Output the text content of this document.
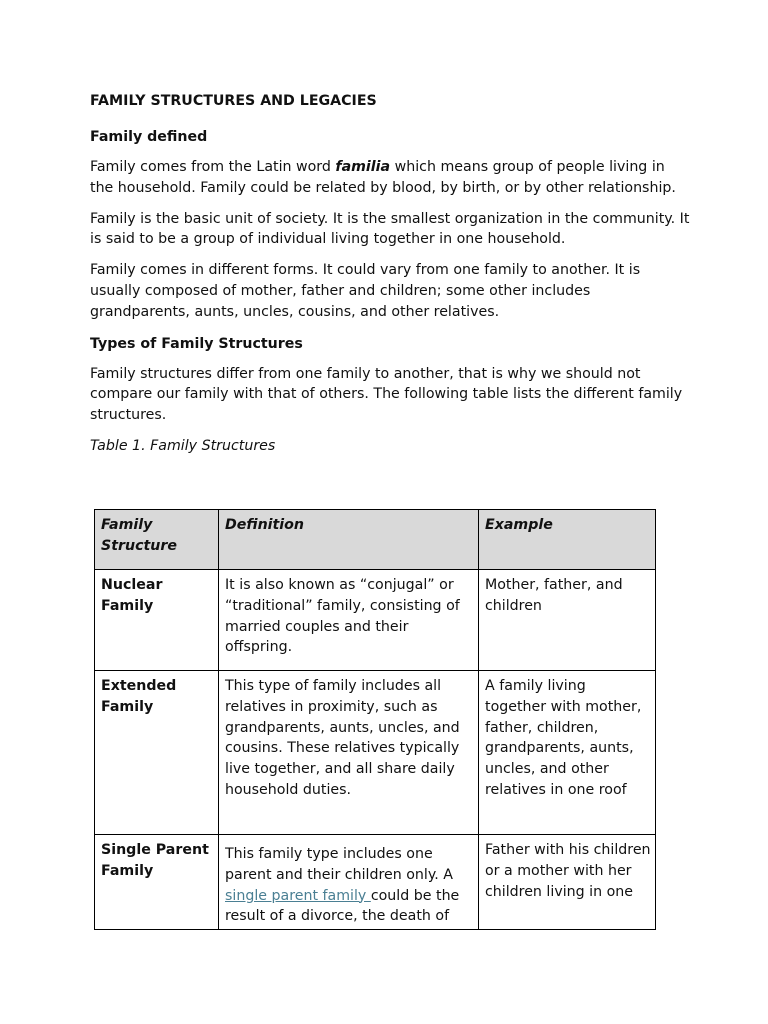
FAMILY STRUCTURES AND LEGACIES
Family defined

Family comes from the Latin word familia which means group of people living in the household. Family could be related by blood, by birth, or by other relationship.

Family is the basic unit of society. It is the smallest organization in the community. It is said to be a group of individual living together in one household.

Family comes in different forms. It could vary from one family to another. It is usually composed of mother, father and children; some other includes grandparents, aunts, uncles, cousins, and other relatives.

Types of Family Structures

Family structures differ from one family to another, that is why we should not compare our family with that of others. The following table lists the different family structures.

Table 1. Family Structures
Family Structure	Definition	Example
Nuclear Family	It is also known as “conjugal” or “traditional” family, consisting of married couples and their offspring.	Mother, father, and children
Extended Family	This type of family includes all relatives in proximity, such as grandparents, aunts, uncles, and cousins. These relatives typically live together, and all share daily household duties.	A family living together with mother, father, children, grandparents, aunts, uncles, and other relatives in one roof

Single Parent Family	This family type includes one parent and their children only. A single parent family could be the result of a divorce, the death of	Father with his children or a mother with her children living in one
